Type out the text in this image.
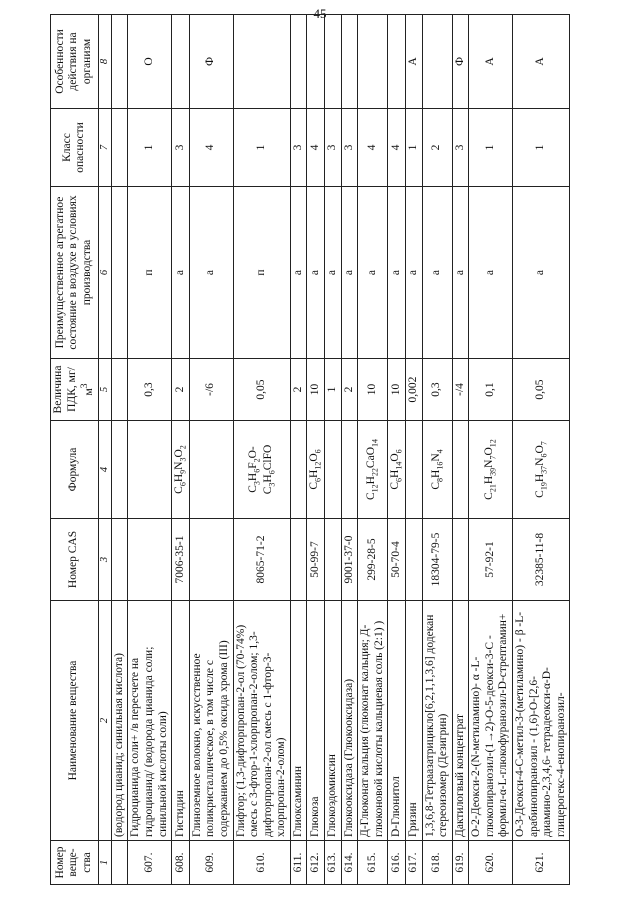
45
Номер веще-ства	Наименование вещества	Номер CAS	Формула	Величина ПДК, $мг/м^3$	Преимущественное агрегатное состояние в воздухе в условиях производства	Класс опасности	Особенности действия на организм
1	2	3	4	5	6	7	8
	(водород цианид; синильная кислота)						
607.	Гидроцианида соли+ /в пересчете на гидроцианид/ (водорода цианида соли; синильной кислоты соли)			0,3	п	1	О
608.	Гистидин	7006-35-1	$C_6H_9N_3O_2$	2	а	3	
609.	Глиноземное волокно, искусственное поликристаллическое, в том числе с содержанием до 0,5% оксида хрома (III)			-/6	а	4	Ф
610.	Глифтор; (1,3-дифторпропан-2-ол (70-74%) смесь с 3-фтор-1-хлорпропан-2-олом; 1,3-дифторпропан-2-ол смесь с 1-фтор-3-хлорпропан-2-олом)	8065-71-2	$C_3H_6F_2O-C_3H_6ClFO$	0,05	п	1	
611.	Глиоксаминин			2	а	3	
612.	Глюкоза	50-99-7	$C_6H_{12}O_6$	10	а	4	
613.	Глюкоэдомиксин			1	а	3	
614.	Глюкооксидаза (Глюкооксидаза)	9001-37-0		2	а	3	
615.	Д-Глюконат кальция (глюконат кальция; Д-глюконовой кислоты кальциевая соль (2:1) )	299-28-5	$C_{12}H_{22}CaO_{14}$	10	а	4	
616.	D-Глюнитол	50-70-4	$C_6H_{14}O_6$	10	а	4	
617.	Гризин			0,002	а	1	А
618.	1,3,6,8-Тетраазатрицикло[6,2,1,1,3,6] додекан стереоизомер (Дезигрин)	18304-79-5	$C_8H_{16}N_4$	0,3	а	2	
619.	Дактилогвый концентрат			-/4	а	3	Ф
620.	О-2-Деокси-2-(N-метиламино)- α -L- глюкопиранозил-(1→2)-О-5-деокси-3-С - формил-α-L-глюкофуранозил-D-стрептамин+	57-92-1	$C_{21}H_{39}N_7O_{12}$	0,1	а	1	А
621.	О-3-Деокси-4-С-метил-3-(метиламино) - β -L- арабинопиранозил - (1,6)-О-[2,6-диамино-2,3,4,6- тетрадеокси-α-D-глицерогекс-4-енопиранозил-	32385-11-8	$C_{19}H_{37}N_6O_7$	0,05	а	1	А
